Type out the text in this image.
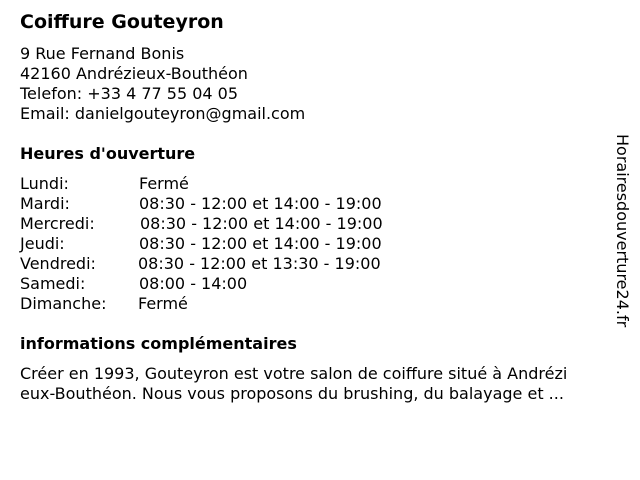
Coiffure Gouteyron
9 Rue Fernand Bonis
42160 Andrézieux-Bouthéon
Telefon: +33 4 77 55 04 05
Email: danielgouteyron@gmail.com
Heures d'ouverture
Lundi:	Fermé
Mardi:	08:30 - 12:00 et 14:00 - 19:00
Mercredi:	08:30 - 12:00 et 14:00 - 19:00
Jeudi:	08:30 - 12:00 et 14:00 - 19:00
Vendredi:	08:30 - 12:00 et 13:30 - 19:00
Samedi:	08:00 - 14:00
Dimanche: Fermé
informations complémentaires
Créer en 1993, Gouteyron est votre salon de coiffure situé à Andrézi
eux-Bouthéon. Nous vous proposons du brushing, du balayage et ...
Horairesdouverture24.fr
